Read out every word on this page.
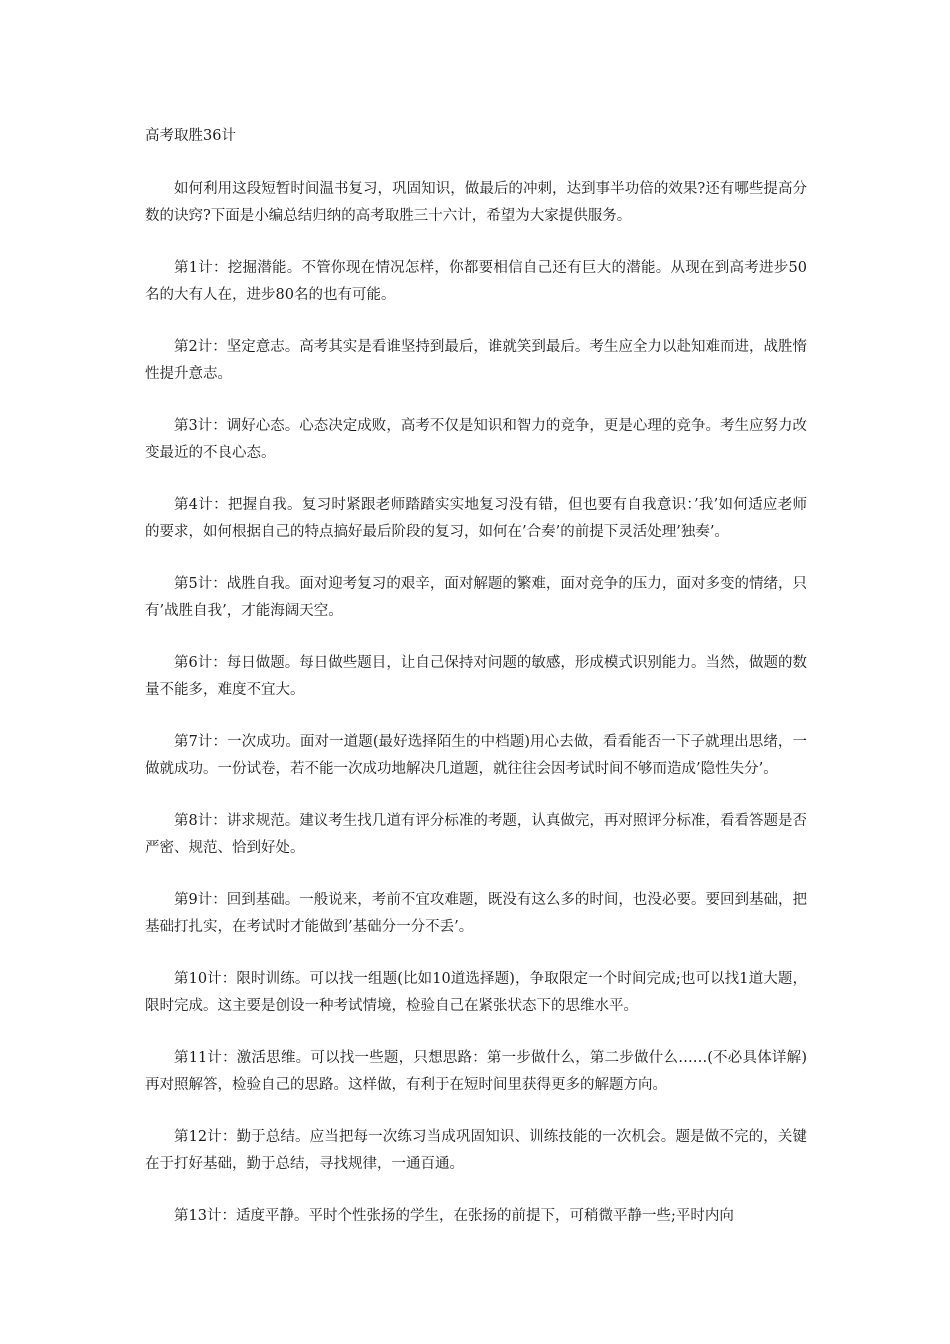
高考取胜36计

如何利用这段短暂时间温书复习，巩固知识，做最后的冲刺，达到事半功倍的效果?还有哪些提高分数的诀窍?下面是小编总结归纳的高考取胜三十六计，希望为大家提供服务。

第1计：挖掘潜能。不管你现在情况怎样，你都要相信自己还有巨大的潜能。从现在到高考进步50名的大有人在，进步80名的也有可能。

第2计：坚定意志。高考其实是看谁坚持到最后，谁就笑到最后。考生应全力以赴知难而进，战胜惰性提升意志。

第3计：调好心态。心态决定成败，高考不仅是知识和智力的竞争，更是心理的竞争。考生应努力改变最近的不良心态。

第4计：把握自我。复习时紧跟老师踏踏实实地复习没有错，但也要有自我意识：’我’如何适应老师的要求，如何根据自己的特点搞好最后阶段的复习，如何在’合奏’的前提下灵活处理’独奏’。

第5计：战胜自我。面对迎考复习的艰辛，面对解题的繁难，面对竞争的压力，面对多变的情绪，只有’战胜自我’，才能海阔天空。

第6计：每日做题。每日做些题目，让自己保持对问题的敏感，形成模式识别能力。当然，做题的数量不能多，难度不宜大。

第7计：一次成功。面对一道题(最好选择陌生的中档题)用心去做，看看能否一下子就理出思绪，一做就成功。一份试卷，若不能一次成功地解决几道题，就往往会因考试时间不够而造成’隐性失分’。

第8计：讲求规范。建议考生找几道有评分标准的考题，认真做完，再对照评分标准，看看答题是否严密、规范、恰到好处。

第9计：回到基础。一般说来，考前不宜攻难题，既没有这么多的时间，也没必要。要回到基础，把基础打扎实，在考试时才能做到’基础分一分不丢’。

第10计：限时训练。可以找一组题(比如10道选择题)，争取限定一个时间完成;也可以找1道大题，限时完成。这主要是创设一种考试情境，检验自己在紧张状态下的思维水平。

第11计：激活思维。可以找一些题，只想思路：第一步做什么，第二步做什么……(不必具体详解)再对照解答，检验自己的思路。这样做，有利于在短时间里获得更多的解题方向。

第12计：勤于总结。应当把每一次练习当成巩固知识、训练技能的一次机会。题是做不完的，关键在于打好基础，勤于总结，寻找规律，一通百通。

第13计：适度平静。平时个性张扬的学生，在张扬的前提下，可稍微平静一些;平时内向
